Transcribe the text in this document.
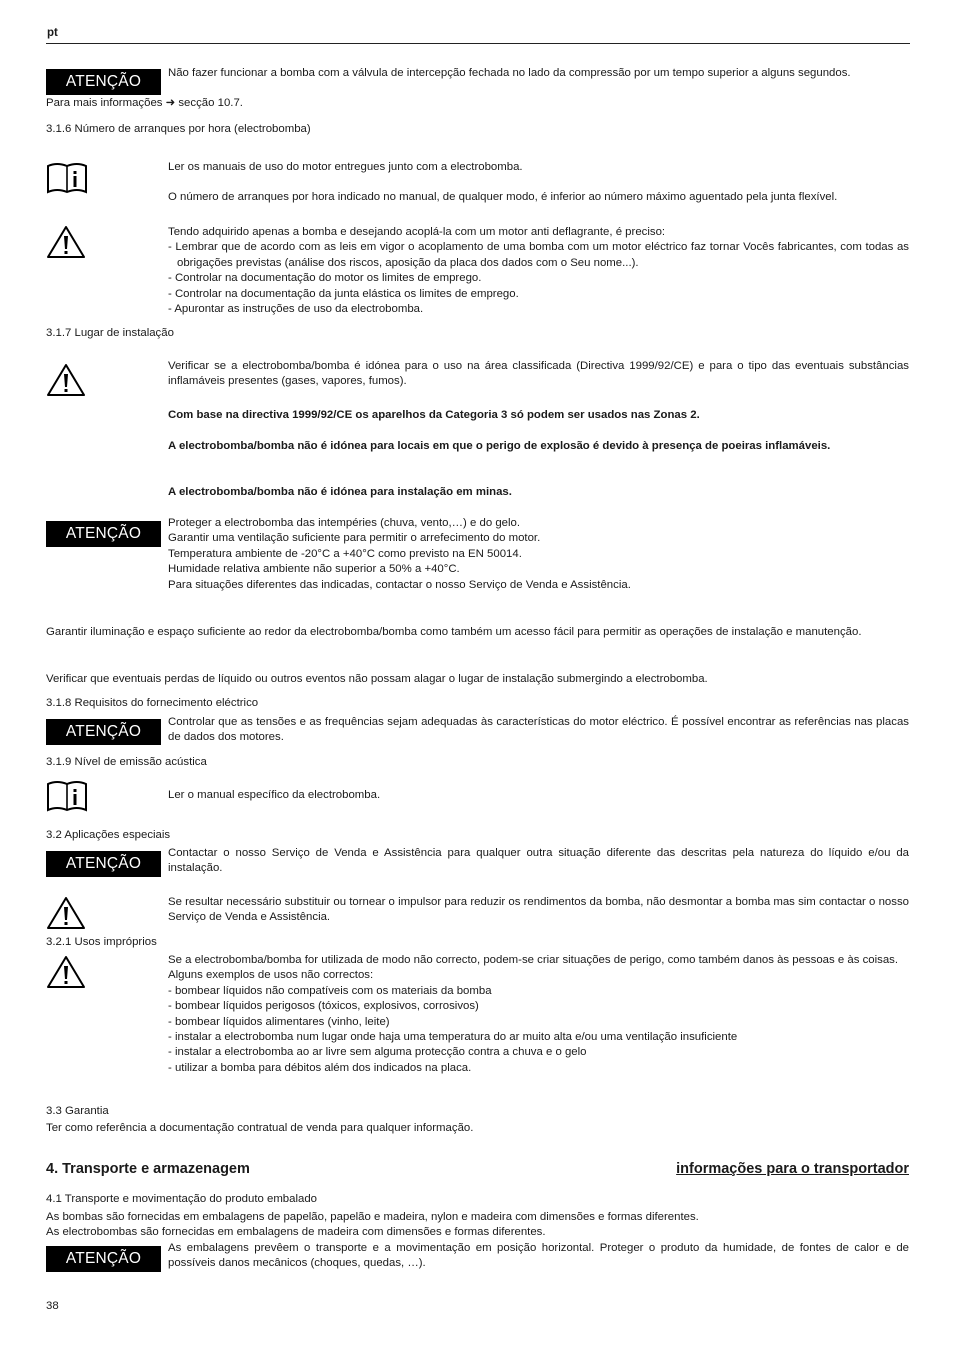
pt
ATENÇÃO	Não fazer funcionar a bomba com a válvula de intercepção fechada no lado da compressão por um tempo superior a alguns segundos.
Para mais informações ➜ secção 10.7.
3.1.6 Número de arranques por hora (electrobomba)
Ler os manuais de uso do motor entregues junto com a electrobomba.
O número de arranques por hora indicado no manual, de qualquer modo, é inferior ao número máximo aguentado pela junta flexível.

Tendo adquirido apenas a bomba e desejando acoplá-la com um motor anti deflagrante, é preciso:

- Lembrar que de acordo com as leis em vigor o acoplamento de uma bomba com um motor eléctrico faz tornar Vocês fabricantes, com todas as obrigações previstas (análise dos riscos, aposição da placa dos dados com o Seu nome...).

- Controlar na documentação do motor os limites de emprego.

- Controlar na documentação da junta elástica os limites de emprego.

- Apurontar as instruções de uso da electrobomba.

3.1.7 Lugar de instalação
Verificar se a electrobomba/bomba é idónea para o uso na área classificada (Directiva 1999/92/CE) e para o tipo das eventuais substâncias inflamáveis presentes (gases, vapores, fumos).
Com base na directiva 1999/92/CE os aparelhos da Categoria 3 só podem ser usados nas Zonas 2.
A electrobomba/bomba não é idónea para locais em que o perigo de explosão é devido à presença de poeiras inflamáveis.
A electrobomba/bomba não é idónea para instalação em minas.
ATENÇÃO

Proteger a electrobomba das intempéries (chuva, vento,…) e do gelo.

Garantir uma ventilação suficiente para permitir o arrefecimento do motor.

Temperatura ambiente de -20°C a +40°C como previsto na EN 50014.

Humidade relativa ambiente não superior a 50% a +40°C.

Para situações diferentes das indicadas, contactar o nosso Serviço de Venda e Assistência.

Garantir iluminação e espaço suficiente ao redor da electrobomba/bomba como também um acesso fácil para permitir as operações de instalação e manutenção.
Verificar que eventuais perdas de líquido ou outros eventos não possam alagar o lugar de instalação submergindo a electrobomba.
3.1.8 Requisitos do fornecimento eléctrico
ATENÇÃO
Controlar que as tensões e as frequências sejam adequadas às características do motor eléctrico. É possível encontrar as referências nas placas de dados dos motores.
3.1.9 Nível de emissão acústica
Ler o manual específico da electrobomba.
3.2 Aplicações especiais
ATENÇÃO
Contactar o nosso Serviço de Venda e Assistência para qualquer outra situação diferente das descritas pela natureza do líquido e/ou da instalação.
Se resultar necessário substituir ou tornear o impulsor para reduzir os rendimentos da bomba, não desmontar a bomba mas sim contactar o nosso Serviço de Venda e Assistência.
3.2.1 Usos impróprios

Se a electrobomba/bomba for utilizada de modo não correcto, podem-se criar situações de perigo, como também danos às pessoas e às coisas.

Alguns exemplos de usos não correctos:

- bombear líquidos não compatíveis com os materiais da bomba

- bombear líquidos perigosos (tóxicos, explosivos, corrosivos)

- bombear líquidos alimentares (vinho, leite)

- instalar a electrobomba num lugar onde haja uma temperatura do ar muito alta e/ou uma ventilação insuficiente

- instalar a electrobomba ao ar livre sem alguma protecção contra a chuva e o gelo

- utilizar a bomba para débitos além dos indicados na placa.

3.3 Garantia
Ter como referência a documentação contratual de venda para qualquer informação.
4. Transporte e armazenagem	informações para o transportador
4.1 Transporte e movimentação do produto embalado
As bombas são fornecidas em embalagens de papelão, papelão e madeira, nylon e madeira com dimensões e formas diferentes.
As electrobombas são fornecidas em embalagens de madeira com dimensões e formas diferentes.
ATENÇÃO
As embalagens prevêem o transporte e a movimentação em posição horizontal. Proteger o produto da humidade, de fontes de calor e de possíveis danos mecânicos (choques, quedas, …).
38
